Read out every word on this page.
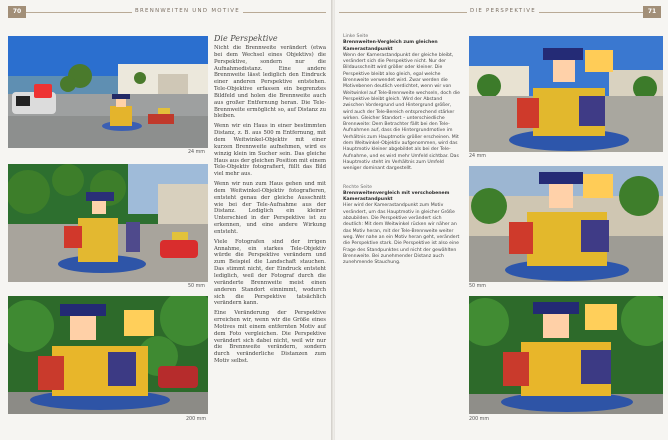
70	BRENNWEITEN UND MOTIVE
24 mm
50 mm
200 mm
Die Perspektive

Nicht die Brennweite verändert (etwa bei dem Wechsel eines Objektivs) die Perspektive, sondern nur die Aufnahmedistanz. Eine andere Brennweite lässt lediglich den Eindruck einer anderen Perspektive entstehen. Tele-Objektive erfassen ein begrenztes Bildfeld und holen die Brennweite auch aus großer Entfernung heran. Die Tele-Brennweite ermöglicht so, auf Distanz zu bleiben.

Wenn wir ein Haus in einer bestimmten Distanz, z. B. aus 500 m Entfernung, mit dem Weitwinkel-Objektiv mit einer kurzen Brennweite aufnehmen, wird es winzig klein im Sucher sein. Das gleiche Haus aus der gleichen Position mit einem Tele-Objektiv fotografiert, füllt das Bild viel mehr aus.

Wenn wir nun zum Haus gehen und mit dem Weitwinkel-Objektiv fotografieren, entsteht genau der gleiche Ausschnitt wie bei der Tele-Aufnahme aus der Distanz. Lediglich ein kleiner Unterschied in der Perspektive ist zu erkennen, und eine andere Wirkung entsteht.

Viele Fotografen sind der irrigen Annahme, ein starkes Tele-Objektiv würde die Perspektive verändern und zum Beispiel die Landschaft stauchen. Das stimmt nicht, der Eindruck entsteht lediglich, weil der Fotograf durch die veränderte Brennweite meist einen anderen Standort einnimmt, wodurch sich die Perspektive tatsächlich verändern kann.

Eine Veränderung der Perspektive erreichen wir, wenn wir die Größe eines Motives mit einem entfernten Motiv auf dem Foto vergleichen. Die Perspektive verändert sich dabei nicht, weil wir nur die Brennweite verändern, sondern durch veränderliche Distanzen zum Motiv selbst.

DIE PERSPEKTIVE	71

Linke Seite
Brennweiten-Vergleich zum gleichen Kamerastandpunkt
Wenn der Kamerastandpunkt der gleiche bleibt, verändert sich die Perspektive nicht. Nur der Bildausschnitt wird größer oder kleiner. Die Perspektive bleibt also gleich, egal welche Brennweite verwendet wird. Zwar werden die Motivebenen deutlich verdichtet, wenn wir von Weitwinkel auf Tele-Brennweite wechseln, doch die Perspektive bleibt gleich. Wird der Abstand zwischen Vordergrund und Hintergrund größer, wird auch der Tele-Bereich entsprechend stärker wirken. Gleicher Standort – unterschiedliche Brennweite: Dem Betrachter fällt bei den Tele-Aufnahmen auf, dass die Hintergrundmotive im Verhältnis zum Hauptmotiv größer erscheinen. Mit dem Weitwinkel-Objektiv aufgenommen, wird das Hauptmotiv kleiner abgebildet als bei der Tele-Aufnahme, und es wird mehr Umfeld sichtbar. Das Hauptmotiv steht im Verhältnis zum Umfeld weniger dominant dargestellt.

Rechte Seite
Brennweitenvergleich mit verschobenem Kamerastandpunkt
Hier wird der Kamerastandpunkt zum Motiv verändert, um das Hauptmotiv in gleicher Größe abzubilden. Die Perspektive verändert sich deutlich: Mit dem Weitwinkel rücken wir näher an das Motiv heran, mit der Tele-Brennweite weiter weg. Wer nahe an ein Motiv heran geht, verändert die Perspektive stark. Die Perspektive ist also eine Frage des Standpunktes und nicht der gewählten Brennweite. Bei zunehmender Distanz auch zunehmende Stauchung.

24 mm
50 mm
200 mm
